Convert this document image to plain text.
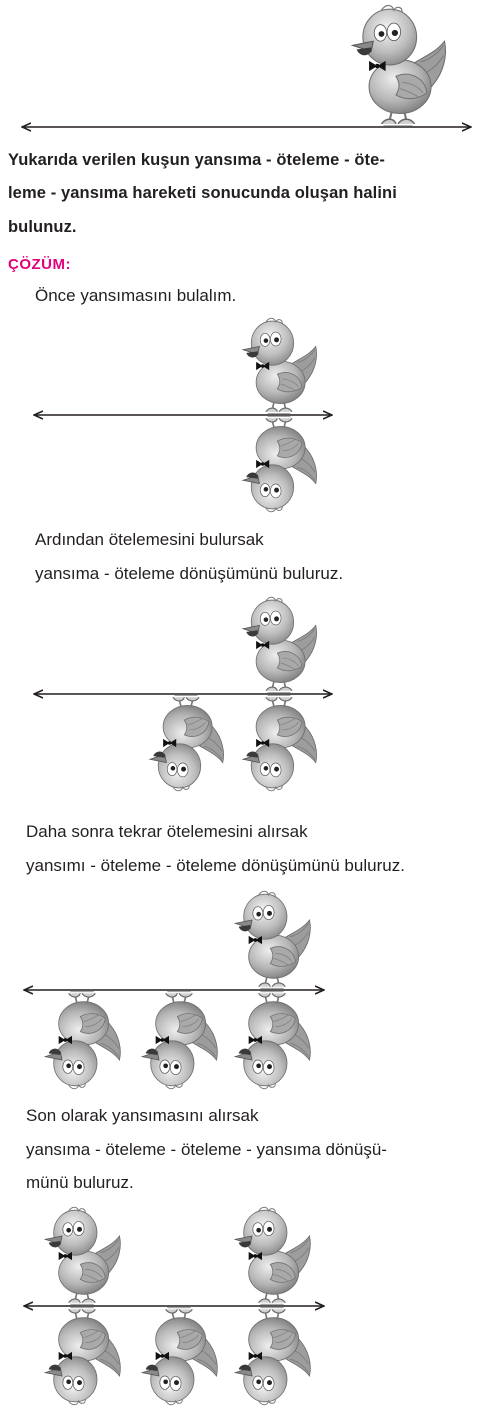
Yukarıda verilen kuşun yansıma - öteleme - öte-
leme - yansıma hareketi sonucunda oluşan halini
bulunuz.
ÇÖZÜM:
Önce yansımasını bulalım.
Ardından ötelemesini bulursak
yansıma - öteleme dönüşümünü buluruz.
Daha sonra tekrar ötelemesini alırsak
yansımı - öteleme - öteleme dönüşümünü buluruz.
Son olarak yansımasını alırsak
yansıma - öteleme - öteleme - yansıma dönüşü-
münü buluruz.
